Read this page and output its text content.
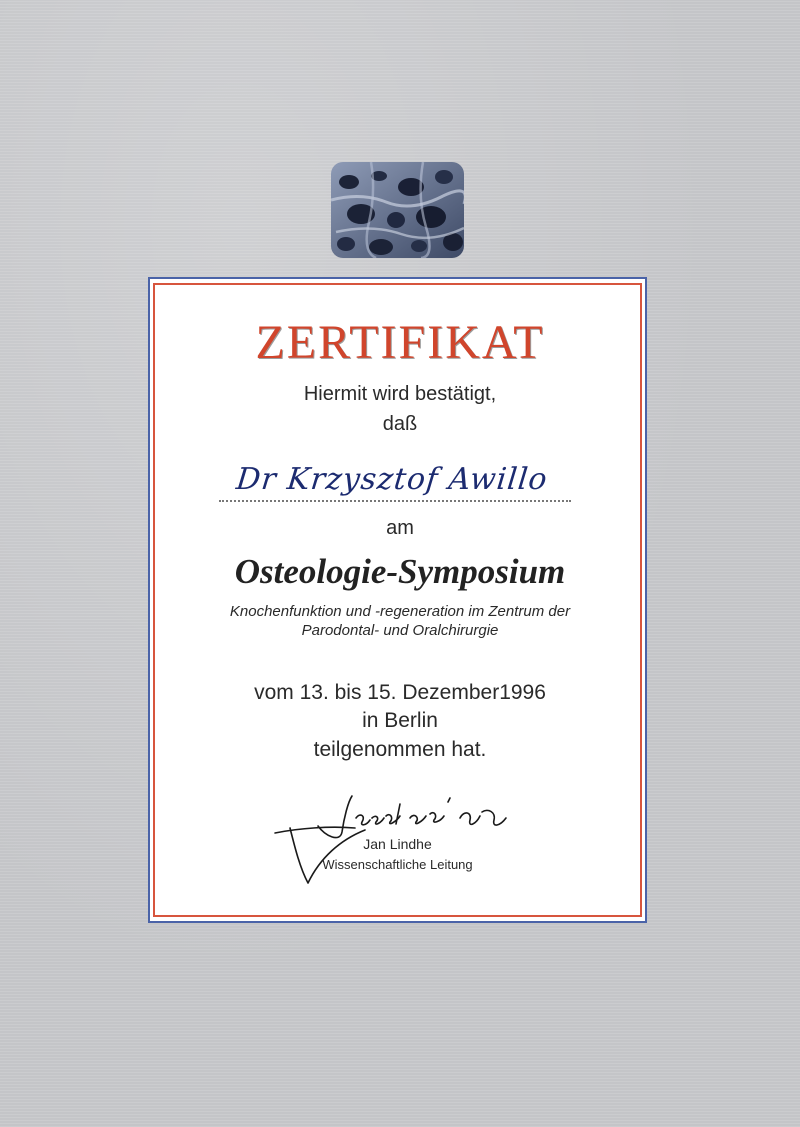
ZERTIFIKAT
Hiermit wird bestätigt,
daß
Dr Krzysztof Awillo
am
Osteologie-Symposium
Knochenfunktion und -regeneration im Zentrum der
Parodontal- und Oralchirurgie
vom 13. bis 15. Dezember1996
in Berlin
teilgenommen hat.
Jan Lindhe
Wissenschaftliche Leitung
